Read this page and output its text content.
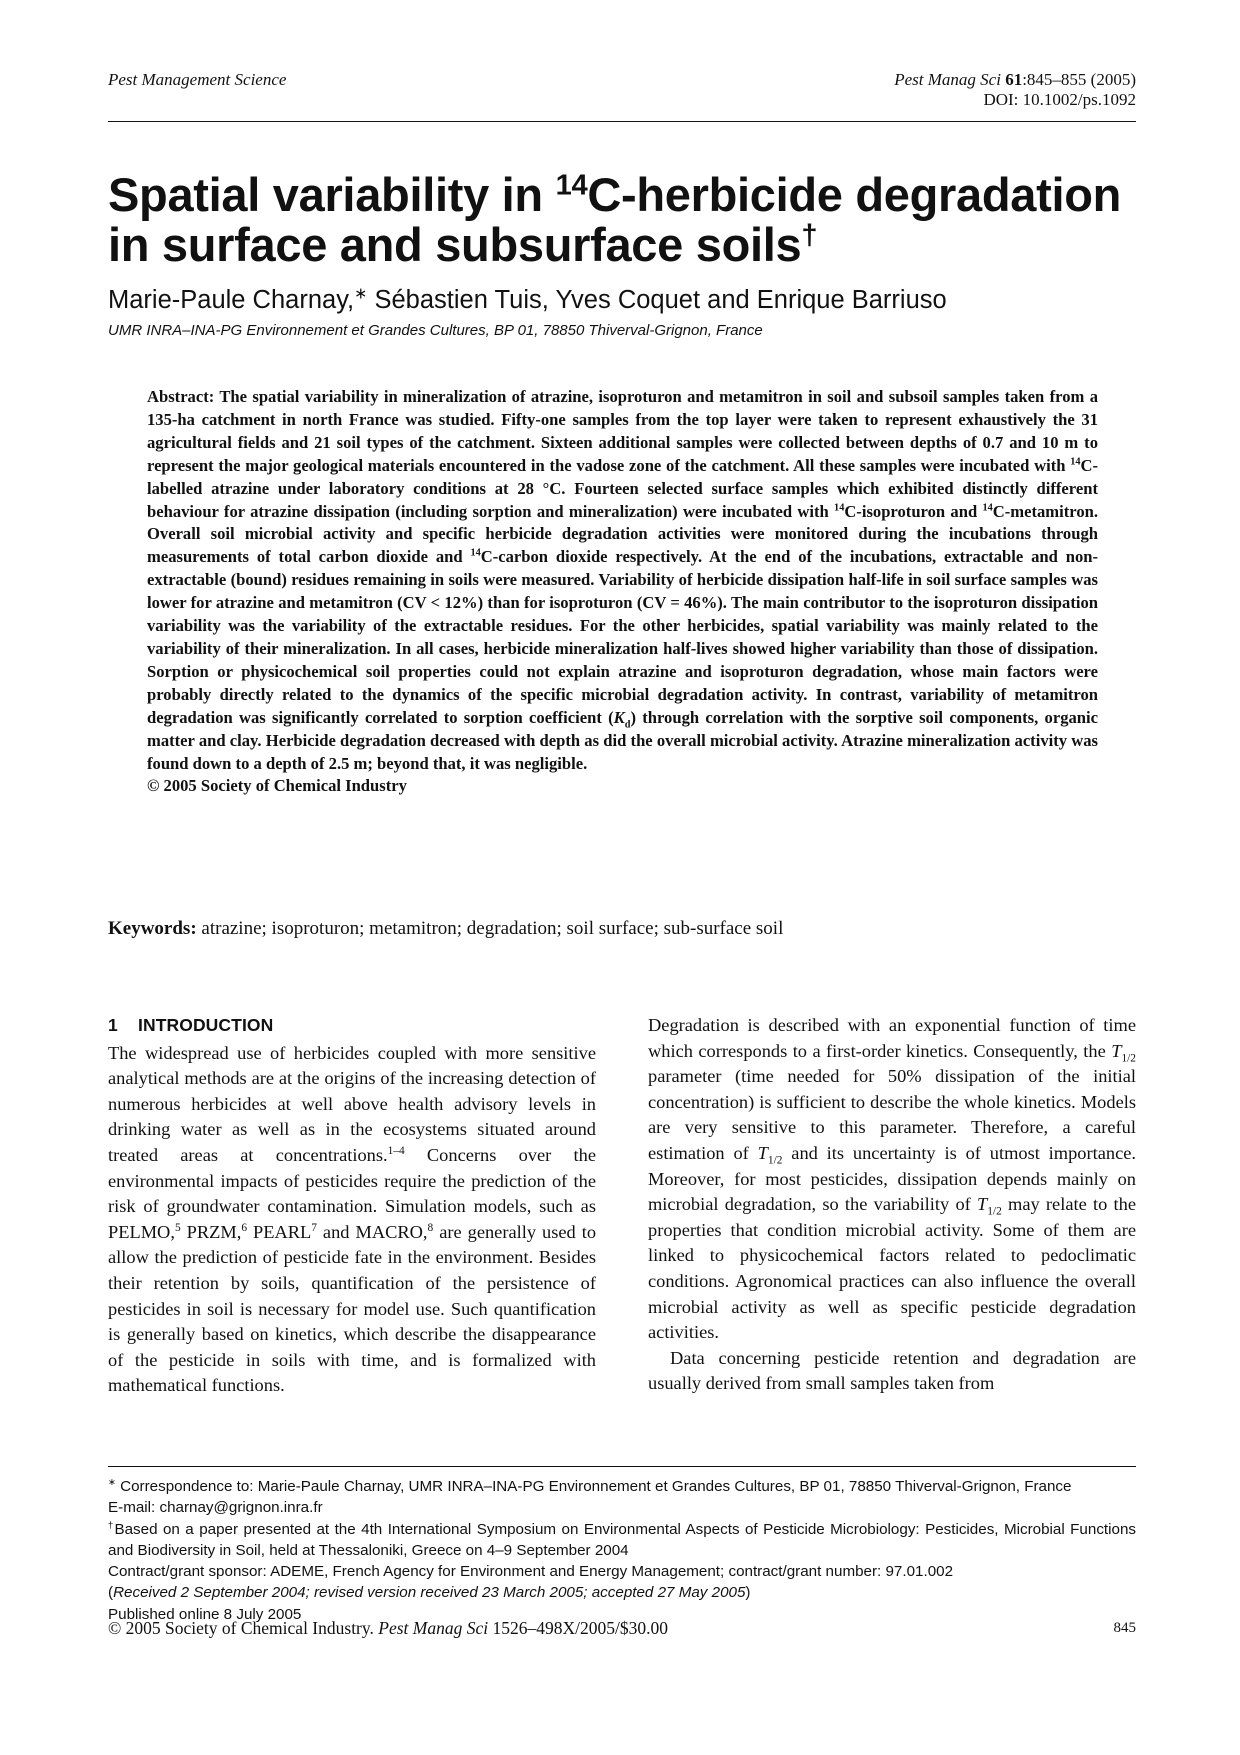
Pest Management Science	Pest Manag Sci 61:845–855 (2005)
DOI: 10.1002/ps.1092
Spatial variability in $^{14}$C-herbicide degradation in surface and subsurface soils†
Marie-Paule Charnay,∗ Sébastien Tuis, Yves Coquet and Enrique Barriuso
UMR INRA–INA-PG Environnement et Grandes Cultures, BP 01, 78850 Thiverval-Grignon, France

Abstract: The spatial variability in mineralization of atrazine, isoproturon and metamitron in soil and subsoil samples taken from a 135-ha catchment in north France was studied. Fifty-one samples from the top layer were taken to represent exhaustively the 31 agricultural fields and 21 soil types of the catchment. Sixteen additional samples were collected between depths of 0.7 and 10 m to represent the major geological materials encountered in the vadose zone of the catchment. All these samples were incubated with $^{14}$C-labelled atrazine under laboratory conditions at 28 °C. Fourteen selected surface samples which exhibited distinctly different behaviour for atrazine dissipation (including sorption and mineralization) were incubated with $^{14}$C-isoproturon and $^{14}$C-metamitron. Overall soil microbial activity and specific herbicide degradation activities were monitored during the incubations through measurements of total carbon dioxide and $^{14}$C-carbon dioxide respectively. At the end of the incubations, extractable and non-extractable (bound) residues remaining in soils were measured. Variability of herbicide dissipation half-life in soil surface samples was lower for atrazine and metamitron (CV < 12%) than for isoproturon (CV = 46%). The main contributor to the isoproturon dissipation variability was the variability of the extractable residues. For the other herbicides, spatial variability was mainly related to the variability of their mineralization. In all cases, herbicide mineralization half-lives showed higher variability than those of dissipation. Sorption or physicochemical soil properties could not explain atrazine and isoproturon degradation, whose main factors were probably directly related to the dynamics of the specific microbial degradation activity. In contrast, variability of metamitron degradation was significantly correlated to sorption coefficient $(K_d)$ through correlation with the sorptive soil components, organic matter and clay. Herbicide degradation decreased with depth as did the overall microbial activity. Atrazine mineralization activity was found down to a depth of 2.5 m; beyond that, it was negligible.
© 2005 Society of Chemical Industry

Keywords: atrazine; isoproturon; metamitron; degradation; soil surface; sub-surface soil
1 INTRODUCTION

The widespread use of herbicides coupled with more sensitive analytical methods are at the origins of the increasing detection of numerous herbicides at well above health advisory levels in drinking water as well as in the ecosystems situated around treated areas at concentrations.$^{1-4}$ Concerns over the environmental impacts of pesticides require the prediction of the risk of groundwater contamination. Simulation models, such as PELMO,$^5$ PRZM,$^6$ PEARL$^7$ and MACRO,$^8$ are generally used to allow the prediction of pesticide fate in the environment. Besides their retention by soils, quantification of the persistence of pesticides in soil is necessary for model use. Such quantification is generally based on kinetics, which describe the disappearance of the pesticide in soils with time, and is formalized with mathematical functions.

Degradation is described with an exponential function of time which corresponds to a first-order kinetics. Consequently, the $T_{1/2}$ parameter (time needed for 50% dissipation of the initial concentration) is sufficient to describe the whole kinetics. Models are very sensitive to this parameter. Therefore, a careful estimation of $T_{1/2}$ and its uncertainty is of utmost importance. Moreover, for most pesticides, dissipation depends mainly on microbial degradation, so the variability of $T_{1/2}$ may relate to the properties that condition microbial activity. Some of them are linked to physicochemical factors related to pedoclimatic conditions. Agronomical practices can also influence the overall microbial activity as well as specific pesticide degradation activities.

Data concerning pesticide retention and degradation are usually derived from small samples taken from

∗ Correspondence to: Marie-Paule Charnay, UMR INRA–INA-PG Environnement et Grandes Cultures, BP 01, 78850 Thiverval-Grignon, France

E-mail: charnay@grignon.inra.fr

†Based on a paper presented at the 4th International Symposium on Environmental Aspects of Pesticide Microbiology: Pesticides, Microbial Functions and Biodiversity in Soil, held at Thessaloniki, Greece on 4–9 September 2004

Contract/grant sponsor: ADEME, French Agency for Environment and Energy Management; contract/grant number: 97.01.002

(Received 2 September 2004; revised version received 23 March 2005; accepted 27 May 2005)

Published online 8 July 2005

© 2005 Society of Chemical Industry. Pest Manag Sci 1526–498X/2005/$30.00	845
